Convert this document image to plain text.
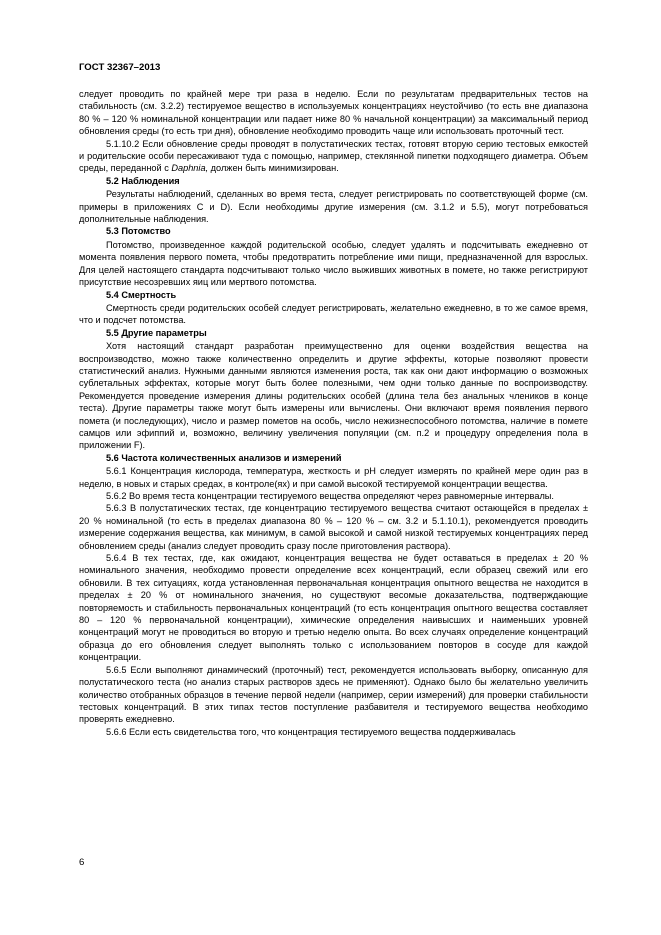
ГОСТ 32367–2013

следует проводить по крайней мере три раза в неделю. Если по результатам предварительных тестов на стабильность (см. 3.2.2) тестируемое вещество в используемых концентрациях неустойчиво (то есть вне диапазона 80 % – 120 % номинальной концентрации или падает ниже 80 % начальной концентрации) за максимальный период обновления среды (то есть три дня), обновление необходимо проводить чаще или использовать проточный тест.

5.1.10.2 Если обновление среды проводят в полустатических тестах, готовят вторую серию тестовых емкостей и родительские особи пересаживают туда с помощью, например, стеклянной пипетки подходящего диаметра. Объем среды, переданной с Daphnia, должен быть минимизирован.

5.2 Наблюдения

Результаты наблюдений, сделанных во время теста, следует регистрировать по соответствующей форме (см. примеры в приложениях С и D). Если необходимы другие измерения (см. 3.1.2 и 5.5), могут потребоваться дополнительные наблюдения.

5.3 Потомство

Потомство, произведенное каждой родительской особью, следует удалять и подсчитывать ежедневно от момента появления первого помета, чтобы предотвратить потребление ими пищи, предназначенной для взрослых. Для целей настоящего стандарта подсчитывают только число выживших животных в помете, но также регистрируют присутствие несозревших яиц или мертвого потомства.

5.4 Смертность

Смертность среди родительских особей следует регистрировать, желательно ежедневно, в то же самое время, что и подсчет потомства.

5.5 Другие параметры

Хотя настоящий стандарт разработан преимущественно для оценки воздействия вещества на воспроизводство, можно также количественно определить и другие эффекты, которые позволяют провести статистический анализ. Нужными данными являются изменения роста, так как они дают информацию о возможных сублетальных эффектах, которые могут быть более полезными, чем одни только данные по воспроизводству. Рекомендуется проведение измерения длины родительских особей (длина тела без анальных члеников в конце теста). Другие параметры также могут быть измерены или вычислены. Они включают время появления первого помета (и последующих), число и размер пометов на особь, число нежизнеспособного потомства, наличие в помете самцов или эфиппий и, возможно, величину увеличения популяции (см. п.2 и процедуру определения пола в приложении F).

5.6 Частота количественных анализов и измерений

5.6.1 Концентрация кислорода, температура, жесткость и pH следует измерять по крайней мере один раз в неделю, в новых и старых средах, в контроле(ях) и при самой высокой тестируемой концентрации вещества.

5.6.2 Во время теста концентрации тестируемого вещества определяют через равномерные интервалы.

5.6.3 В полустатических тестах, где концентрацию тестируемого вещества считают остающейся в пределах ± 20 % номинальной (то есть в пределах диапазона 80 % – 120 % – см. 3.2 и 5.1.10.1), рекомендуется проводить измерение содержания вещества, как минимум, в самой высокой и самой низкой тестируемых концентрациях перед обновлением среды (анализ следует проводить сразу после приготовления раствора).

5.6.4 В тех тестах, где, как ожидают, концентрация вещества не будет оставаться в пределах ± 20 % номинального значения, необходимо провести определение всех концентраций, если образец свежий или его обновили. В тех ситуациях, когда установленная первоначальная концентрация опытного вещества не находится в пределах ± 20 % от номинального значения, но существуют весомые доказательства, подтверждающие повторяемость и стабильность первоначальных концентраций (то есть концентрация опытного вещества составляет 80 – 120 % первоначальной концентрации), химические определения наивысших и наименьших уровней концентраций могут не проводиться во вторую и третью неделю опыта. Во всех случаях определение концентраций образца до его обновления следует выполнять только с использованием повторов в сосуде для каждой концентрации.

5.6.5 Если выполняют динамический (проточный) тест, рекомендуется использовать выборку, описанную для полустатического теста (но анализ старых растворов здесь не применяют). Однако было бы желательно увеличить количество отобранных образцов в течение первой недели (например, серии измерений) для проверки стабильности тестовых концентраций. В этих типах тестов поступление разбавителя и тестируемого вещества необходимо проверять ежедневно.

5.6.6 Если есть свидетельства того, что концентрация тестируемого вещества поддерживалась

6
